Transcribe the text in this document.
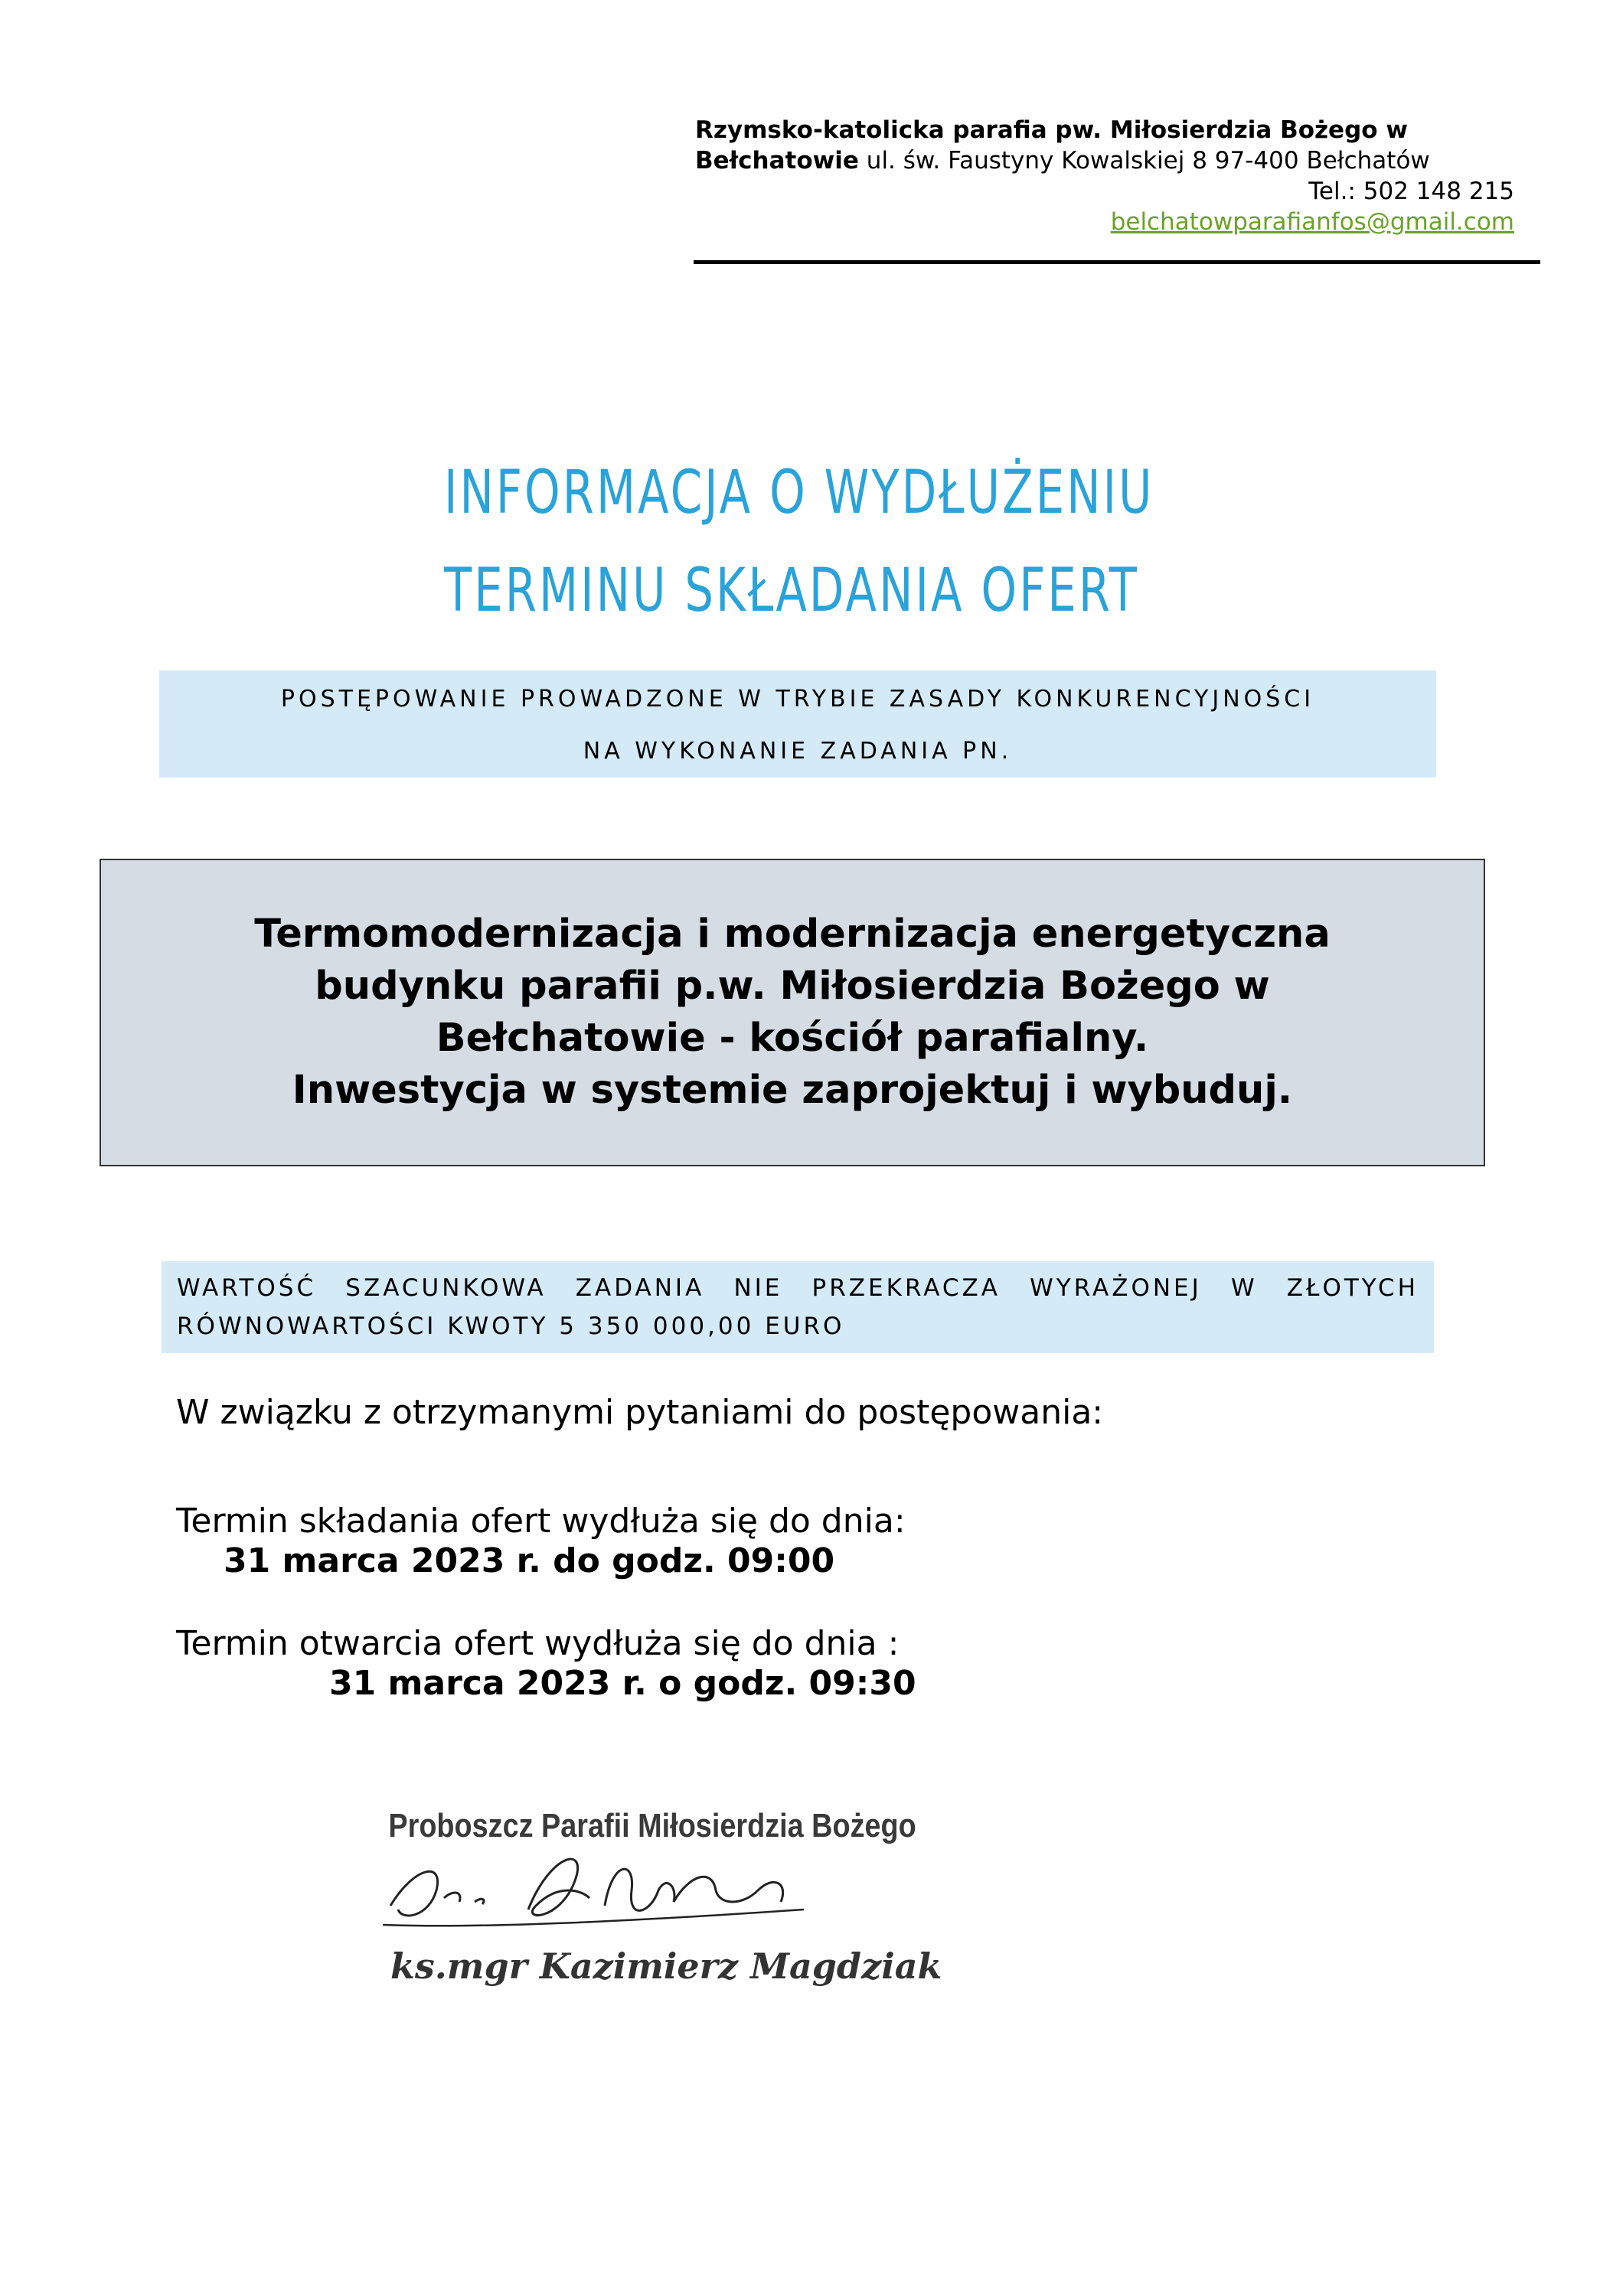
Rzymsko-katolicka parafia pw. Miłosierdzia Bożego w
Bełchatowie ul. św. Faustyny Kowalskiej 8 97-400 Bełchatów
Tel.: 502 148 215
belchatowparafianfos@gmail.com
INFORMACJA O WYDŁUŻENIU
TERMINU SKŁADANIA OFERT
POSTĘPOWANIE PROWADZONE W TRYBIE ZASADY KONKURENCYJNOŚCI
NA WYKONANIE ZADANIA PN.
Termomodernizacja i modernizacja energetyczna
budynku parafii p.w. Miłosierdzia Bożego w
Bełchatowie - kościół parafialny.
Inwestycja w systemie zaprojektuj i wybuduj.
WARTOŚĆ SZACUNKOWA ZADANIA NIE PRZEKRACZA WYRAŻONEJ W ZŁOTYCH
RÓWNOWARTOŚCI KWOTY 5 350 000,00 EURO
W związku z otrzymanymi pytaniami do postępowania:
Termin składania ofert wydłuża się do dnia:
31 marca 2023 r. do godz. 09:00
Termin otwarcia ofert wydłuża się do dnia :
31 marca 2023 r. o godz. 09:30
Proboszcz Parafii Miłosierdzia Bożego
ks.mgr Kazimierz Magdziak
